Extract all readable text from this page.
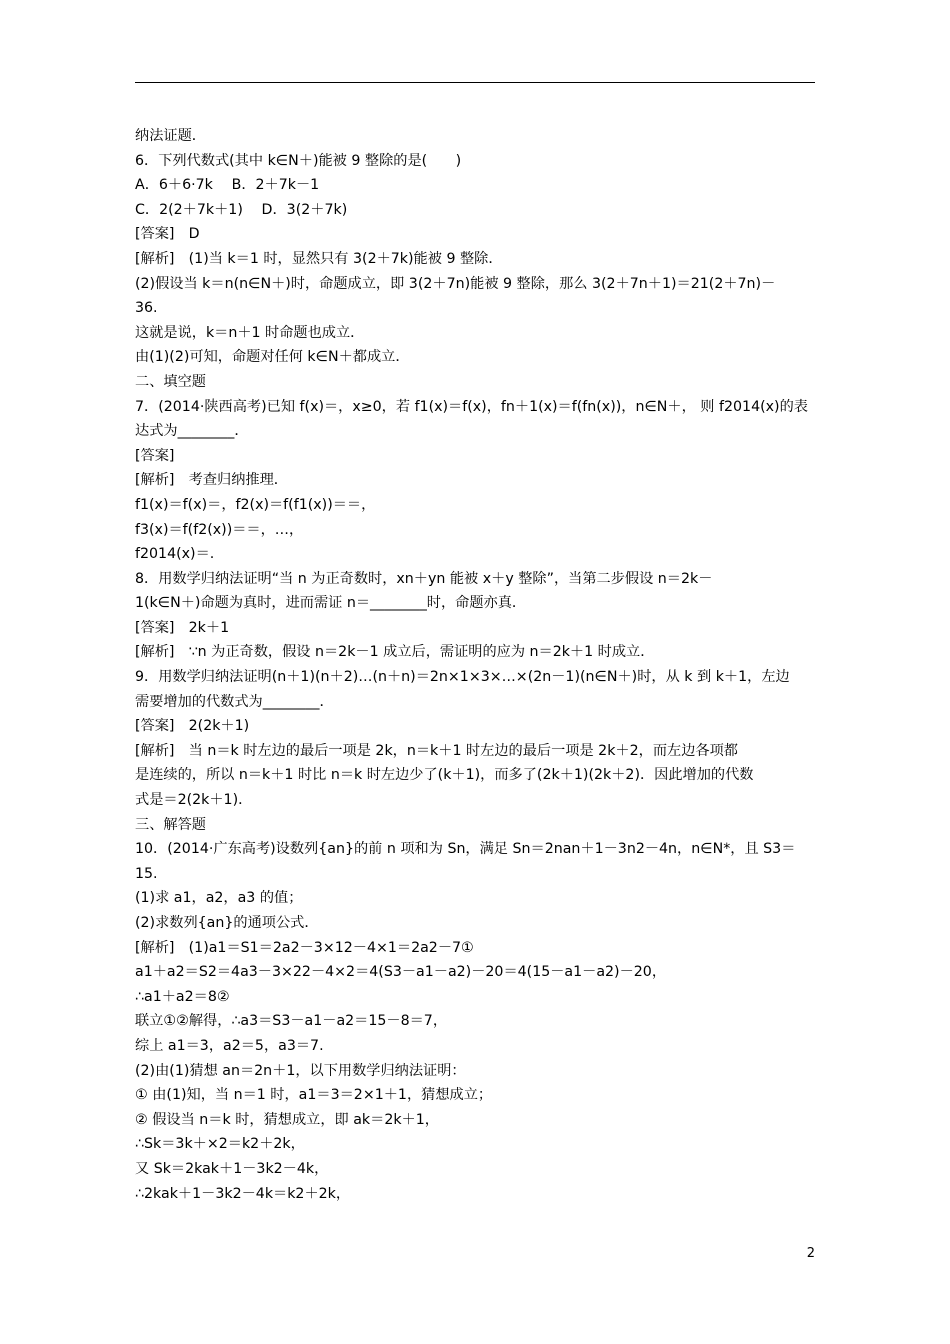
纳法证题．
6．下列代数式(其中 k∈N＋)能被 9 整除的是(　　)
A．6＋6·7k　 B．2＋7k－1
C．2(2＋7k＋1)　 D．3(2＋7k)
[答案]　D
[解析]　(1)当 k＝1 时，显然只有 3(2＋7k)能被 9 整除．
(2)假设当 k＝n(n∈N＋)时，命题成立，即 3(2＋7n)能被 9 整除，那么 3(2＋7n＋1)＝21(2＋7n)－
36.
这就是说，k＝n＋1 时命题也成立．
由(1)(2)可知，命题对任何 k∈N＋都成立．
二、填空题
7．(2014·陕西高考)已知 f(x)＝，x≥0，若 f1(x)＝f(x)，fn＋1(x)＝f(fn(x))，n∈N＋， 则 f2014(x)的表
达式为________．
[答案]
[解析]　考查归纳推理．
f1(x)＝f(x)＝，f2(x)＝f(f1(x))＝＝，
f3(x)＝f(f2(x))＝＝，…，
f2014(x)＝.
8．用数学归纳法证明“当 n 为正奇数时，xn＋yn 能被 x＋y 整除”，当第二步假设 n＝2k－
1(k∈N＋)命题为真时，进而需证 n＝________时，命题亦真．
[答案]　2k＋1
[解析]　∵n 为正奇数，假设 n＝2k－1 成立后，需证明的应为 n＝2k＋1 时成立．
9．用数学归纳法证明(n＋1)(n＋2)…(n＋n)＝2n×1×3×…×(2n－1)(n∈N＋)时，从 k 到 k＋1，左边
需要增加的代数式为________．
[答案]　2(2k＋1)
[解析]　当 n＝k 时左边的最后一项是 2k，n＝k＋1 时左边的最后一项是 2k＋2，而左边各项都
是连续的，所以 n＝k＋1 时比 n＝k 时左边少了(k＋1)，而多了(2k＋1)(2k＋2)．因此增加的代数
式是＝2(2k＋1)．
三、解答题
10．(2014·广东高考)设数列{an}的前 n 项和为 Sn，满足 Sn＝2nan＋1－3n2－4n，n∈N*，且 S3＝
15.
(1)求 a1，a2，a3 的值；
(2)求数列{an}的通项公式．
[解析]　(1)a1＝S1＝2a2－3×12－4×1＝2a2－7①
a1＋a2＝S2＝4a3－3×22－4×2＝4(S3－a1－a2)－20＝4(15－a1－a2)－20，
∴a1＋a2＝8②
联立①②解得，∴a3＝S3－a1－a2＝15－8＝7，
综上 a1＝3，a2＝5，a3＝7.
(2)由(1)猜想 an＝2n＋1，以下用数学归纳法证明：
① 由(1)知，当 n＝1 时，a1＝3＝2×1＋1，猜想成立；
② 假设当 n＝k 时，猜想成立，即 ak＝2k＋1，
∴Sk＝3k＋×2＝k2＋2k，
又 Sk＝2kak＋1－3k2－4k，
∴2kak＋1－3k2－4k＝k2＋2k，
2
